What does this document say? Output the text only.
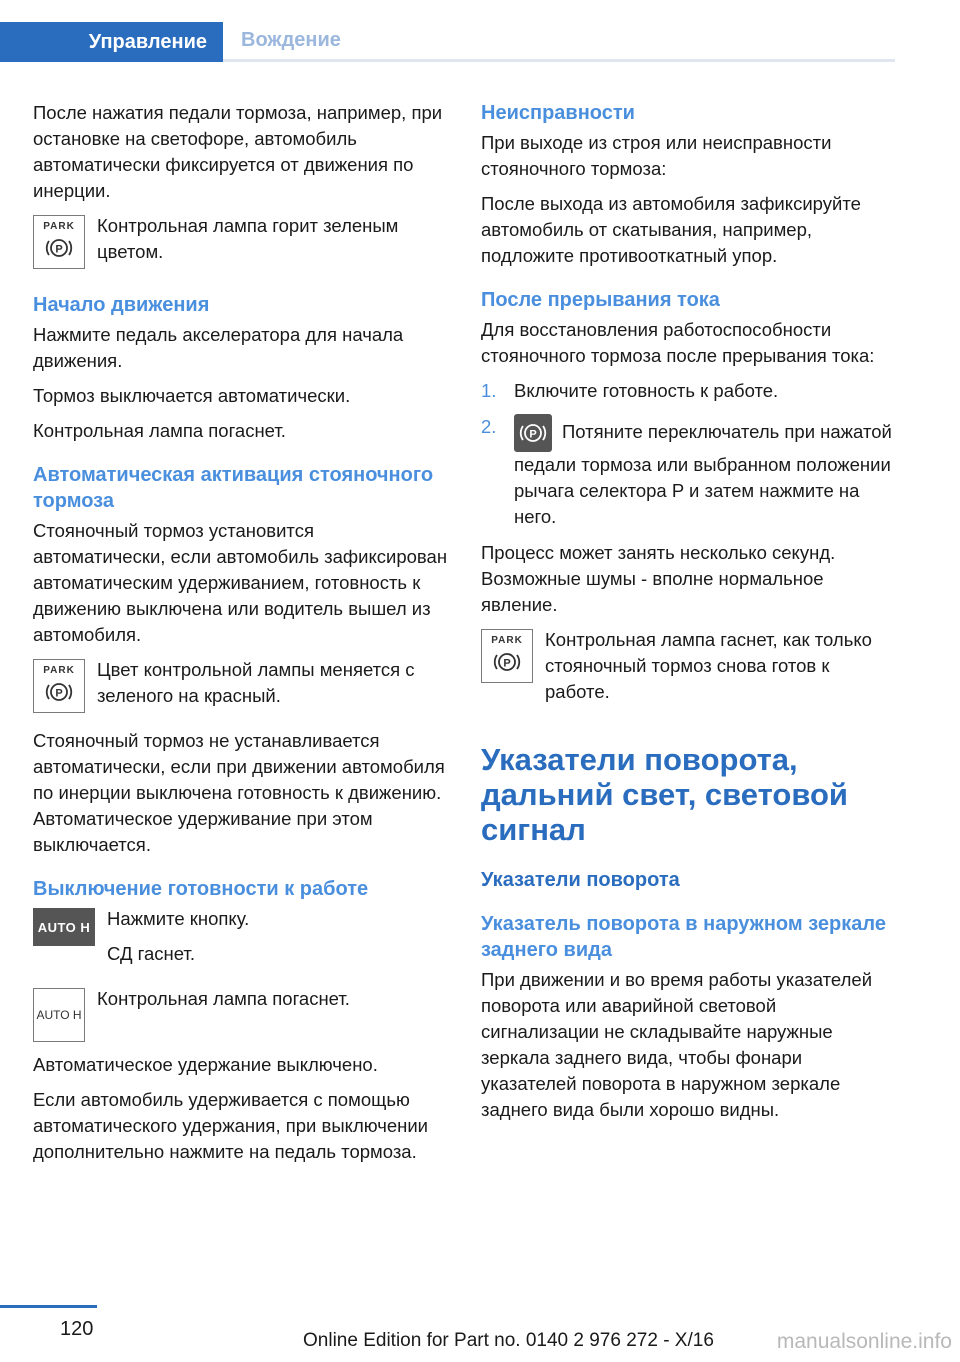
Управление Вождение

После нажатия педали тормоза, например, при остановке на светофоре, автомобиль автоматически фиксируется от движения по инерции.

PARK
P

Контрольная лампа горит зеленым цветом.

Начало движения

Нажмите педаль акселератора для начала движения.

Тормоз выключается автоматически.

Контрольная лампа погаснет.

Автоматическая активация стояночного тормоза

Стояночный тормоз установится автоматически, если автомобиль зафиксирован автоматическим удерживанием, готовность к движению выключена или водитель вышел из автомобиля.

PARK
P

Цвет контрольной лампы меняется с зеленого на красный.

Стояночный тормоз не устанавливается автоматически, если при движении автомобиля по инерции выключена готовность к движению. Автоматическое удерживание при этом выключается.

Выключение готовности к работе
AUTO H Нажмите кнопку.

СД гаснет.

AUTO H

Контрольная лампа погаснет.

Автоматическое удержание выключено.

Если автомобиль удерживается с помощью автоматического удержания, при выключении дополнительно нажмите на педаль тормоза.

Неисправности

При выходе из строя или неисправности стояночного тормоза:

После выхода из автомобиля зафиксируйте автомобиль от скатывания, например, подложите противооткатный упор.

После прерывания тока

Для восстановления работоспособности стояночного тормоза после прерывания тока:

1. Включите готовность к работе.
2.	P Потяните переключатель при нажатой педали тормоза или выбранном положении рычага селектора P и затем нажмите на него.

Процесс может занять несколько секунд. Возможные шумы - вполне нормальное явление.

PARK
P

Контрольная лампа гаснет, как только стояночный тормоз снова готов к работе.

Указатели поворота, дальний свет, световой сигнал
Указатели поворота
Указатель поворота в наружном зеркале заднего вида

При движении и во время работы указателей поворота или аварийной световой сигнализации не складывайте наружные зеркала заднего вида, чтобы фонари указателей поворота в наружном зеркале заднего вида были хорошо видны.

120
Online Edition for Part no. 0140 2 976 272 - X/16	manualsonline.info
